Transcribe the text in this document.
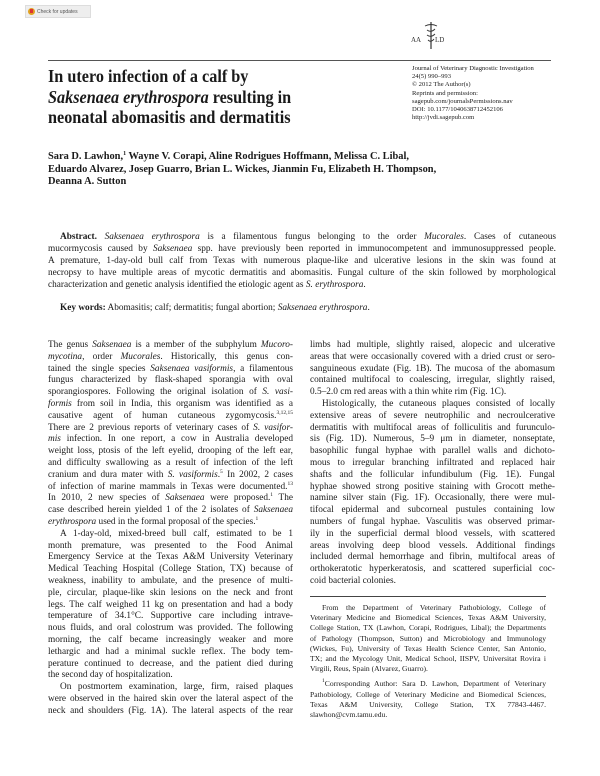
Check for updates
AA LD
In utero infection of a calf by
Saksenaea erythrospora resulting in
neonatal abomasitis and dermatitis
Journal of Veterinary Diagnostic Investigation
24(5) 990–993
© 2012 The Author(s)
Reprints and permission:
sagepub.com/journalsPermissions.nav
DOI: 10.1177/1040638712452106
http://jvdi.sagepub.com
Sara D. Lawhon,$^1$ Wayne V. Corapi, Aline Rodrigues Hoffmann, Melissa C. Libal,
Eduardo Alvarez, Josep Guarro, Brian L. Wickes, Jianmin Fu, Elizabeth H. Thompson,
Deanna A. Sutton
Abstract. Saksenaea erythrospora is a filamentous fungus belonging to the order Mucorales. Cases of cutaneous
mucormycosis caused by Saksenaea spp. have previously been reported in immunocompetent and immunosuppressed people.
A premature, 1-day-old bull calf from Texas with numerous plaque-like and ulcerative lesions in the skin was found at
necropsy to have multiple areas of mycotic dermatitis and abomasitis. Fungal culture of the skin followed by morphological
characterization and genetic analysis identified the etiologic agent as S. erythrospora.
Key words: Abomasitis; calf; dermatitis; fungal abortion; Saksenaea erythrospora.
The genus Saksenaea is a member of the subphylum Mucoro-
mycotina, order Mucorales. Historically, this genus con-
tained the single species Saksenaea vasiformis, a filamentous
fungus characterized by flask-shaped sporangia with oval
sporangiospores. Following the original isolation of S. vasi-
formis from soil in India, this organism was identified as a
causative agent of human cutaneous zygomycosis.$^{3,12,15}$
There are 2 previous reports of veterinary cases of S. vasifor-
mis infection. In one report, a cow in Australia developed
weight loss, ptosis of the left eyelid, drooping of the left ear,
and difficulty swallowing as a result of infection of the left
cranium and dura mater with S. vasiformis.$^5$ In 2002, 2 cases
of infection of marine mammals in Texas were documented.$^{13}$
In 2010, 2 new species of Saksenaea were proposed.$^1$ The
case described herein yielded 1 of the 2 isolates of Saksenaea
erythrospora used in the formal proposal of the species.$^1$
A 1-day-old, mixed-breed bull calf, estimated to be 1
month premature, was presented to the Food Animal
Emergency Service at the Texas A&M University Veterinary
Medical Teaching Hospital (College Station, TX) because of
weakness, inability to ambulate, and the presence of multi-
ple, circular, plaque-like skin lesions on the neck and front
legs. The calf weighed 11 kg on presentation and had a body
temperature of 34.1°C. Supportive care including intrave-
nous fluids, and oral colostrum was provided. The following
morning, the calf became increasingly weaker and more
lethargic and had a minimal suckle reflex. The body tem-
perature continued to decrease, and the patient died during
the second day of hospitalization.
On postmortem examination, large, firm, raised plaques
were observed in the haired skin over the lateral aspect of the
neck and shoulders (Fig. 1A). The lateral aspects of the rear
limbs had multiple, slightly raised, alopecic and ulcerative
areas that were occasionally covered with a dried crust or sero-
sanguineous exudate (Fig. 1B). The mucosa of the abomasum
contained multifocal to coalescing, irregular, slightly raised,
0.5–2.0 cm red areas with a thin white rim (Fig. 1C).
Histologically, the cutaneous plaques consisted of locally
extensive areas of severe neutrophilic and necroulcerative
dermatitis with multifocal areas of folliculitis and furunculo-
sis (Fig. 1D). Numerous, 5–9 μm in diameter, nonseptate,
basophilic fungal hyphae with parallel walls and dichoto-
mous to irregular branching infiltrated and replaced hair
shafts and the follicular infundibulum (Fig. 1E). Fungal
hyphae showed strong positive staining with Grocott methe-
namine silver stain (Fig. 1F). Occasionally, there were mul-
tifocal epidermal and subcorneal pustules containing low
numbers of fungal hyphae. Vasculitis was observed primar-
ily in the superficial dermal blood vessels, with scattered
areas involving deep blood vessels. Additional findings
included dermal hemorrhage and fibrin, multifocal areas of
orthokeratotic hyperkeratosis, and scattered superficial coc-
coid bacterial colonies.
From the Department of Veterinary Pathobiology, College of
Veterinary Medicine and Biomedical Sciences, Texas A&M University,
College Station, TX (Lawhon, Corapi, Rodrigues, Libal); the Departments
of Pathology (Thompson, Sutton) and Microbiology and Immunology
(Wickes, Fu), University of Texas Health Science Center, San Antonio,
TX; and the Mycology Unit, Medical School, IISPV, Universitat Rovira i
Virgili, Reus, Spain (Alvarez, Guarro).
$^1$Corresponding Author: Sara D. Lawhon, Department of Veterinary
Pathobiology, College of Veterinary Medicine and Biomedical Sciences,
Texas A&M University, College Station, TX 77843-4467.
slawhon@cvm.tamu.edu.
